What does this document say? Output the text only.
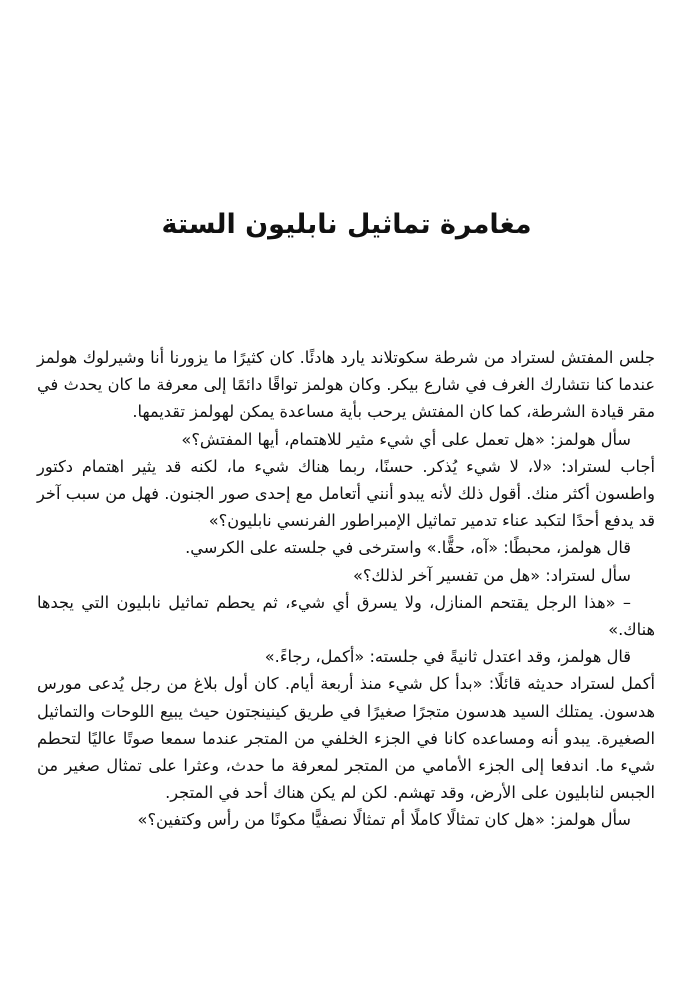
مغامرة تماثيل نابليون الستة

جلس المفتش لستراد من شرطة سكوتلاند يارد هادئًا. كان كثيرًا ما يزورنا أنا وشيرلوك هولمز عندما كنا نتشارك الغرف في شارع بيكر. وكان هولمز تواقًا دائمًا إلى معرفة ما كان يحدث في مقر قيادة الشرطة، كما كان المفتش يرحب بأية مساعدة يمكن لهولمز تقديمها.

سأل هولمز: «هل تعمل على أي شيء مثير للاهتمام، أيها المفتش؟»

أجاب لستراد: «لا، لا شيء يُذكر. حسنًا، ربما هناك شيء ما، لكنه قد يثير اهتمام دكتور واطسون أكثر منك. أقول ذلك لأنه يبدو أنني أتعامل مع إحدى صور الجنون. فهل من سبب آخر قد يدفع أحدًا لتكبد عناء تدمير تماثيل الإمبراطور الفرنسي نابليون؟»

قال هولمز، محبطًا: «آه، حقًّا.» واسترخى في جلسته على الكرسي.

سأل لستراد: «هل من تفسير آخر لذلك؟»

– «هذا الرجل يقتحم المنازل، ولا يسرق أي شيء، ثم يحطم تماثيل نابليون التي يجدها هناك.»

قال هولمز، وقد اعتدل ثانيةً في جلسته: «أكمل، رجاءً.»

أكمل لستراد حديثه قائلًا: «بدأ كل شيء منذ أربعة أيام. كان أول بلاغ من رجل يُدعى مورس هدسون. يمتلك السيد هدسون متجرًا صغيرًا في طريق كينينجتون حيث يبيع اللوحات والتماثيل الصغيرة. يبدو أنه ومساعده كانا في الجزء الخلفي من المتجر عندما سمعا صوتًا عاليًا لتحطم شيء ما. اندفعا إلى الجزء الأمامي من المتجر لمعرفة ما حدث، وعثرا على تمثال صغير من الجبس لنابليون على الأرض، وقد تهشم. لكن لم يكن هناك أحد في المتجر.

سأل هولمز: «هل كان تمثالًا كاملًا أم تمثالًا نصفيًّا مكونًا من رأس وكتفين؟»
